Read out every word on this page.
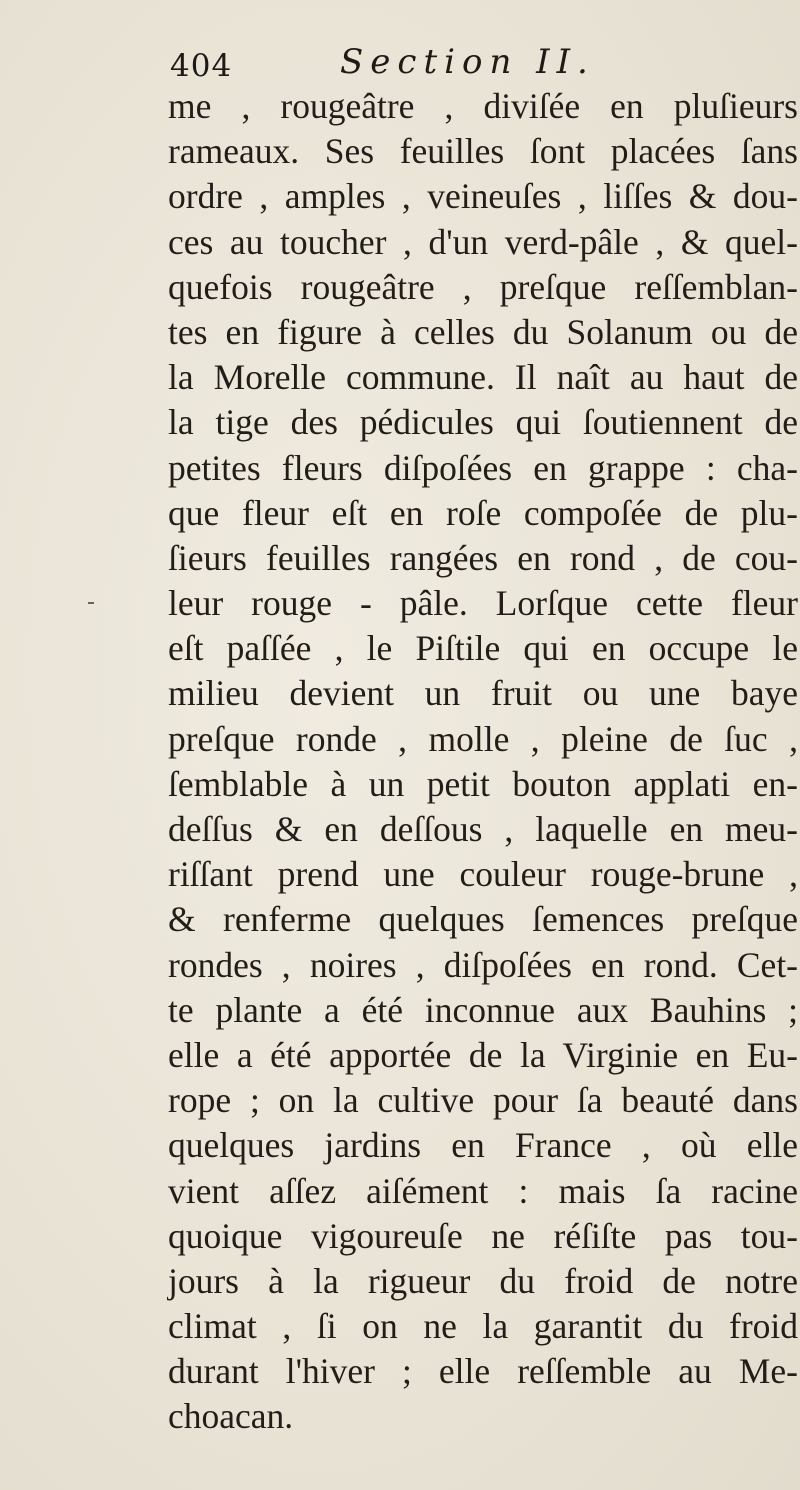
404	Section II.
me , rougeâtre , diviſée en pluſieurs
rameaux. Ses feuilles ſont placées ſans
ordre , amples , veineuſes , liſſes & dou-
ces au toucher , d'un verd-pâle , & quel-
quefois rougeâtre , preſque reſſemblan-
tes en figure à celles du Solanum ou de
la Morelle commune. Il naît au haut de
la tige des pédicules qui ſoutiennent de
petites fleurs diſpoſées en grappe : cha-
que fleur eſt en roſe compoſée de plu-
ſieurs feuilles rangées en rond , de cou-
leur rouge - pâle. Lorſque cette fleur
eſt paſſée , le Piſtile qui en occupe le
milieu devient un fruit ou une baye
preſque ronde , molle , pleine de ſuc ,
ſemblable à un petit bouton applati en-
deſſus & en deſſous , laquelle en meu-
riſſant prend une couleur rouge-brune ,
& renferme quelques ſemences preſque
rondes , noires , diſpoſées en rond. Cet-
te plante a été inconnue aux Bauhins ;
elle a été apportée de la Virginie en Eu-
rope ; on la cultive pour ſa beauté dans
quelques jardins en France , où elle
vient aſſez aiſément : mais ſa racine
quoique vigoureuſe ne réſiſte pas tou-
jours à la rigueur du froid de notre
climat , ſi on ne la garantit du froid
durant l'hiver ; elle reſſemble au Me-
choacan.
